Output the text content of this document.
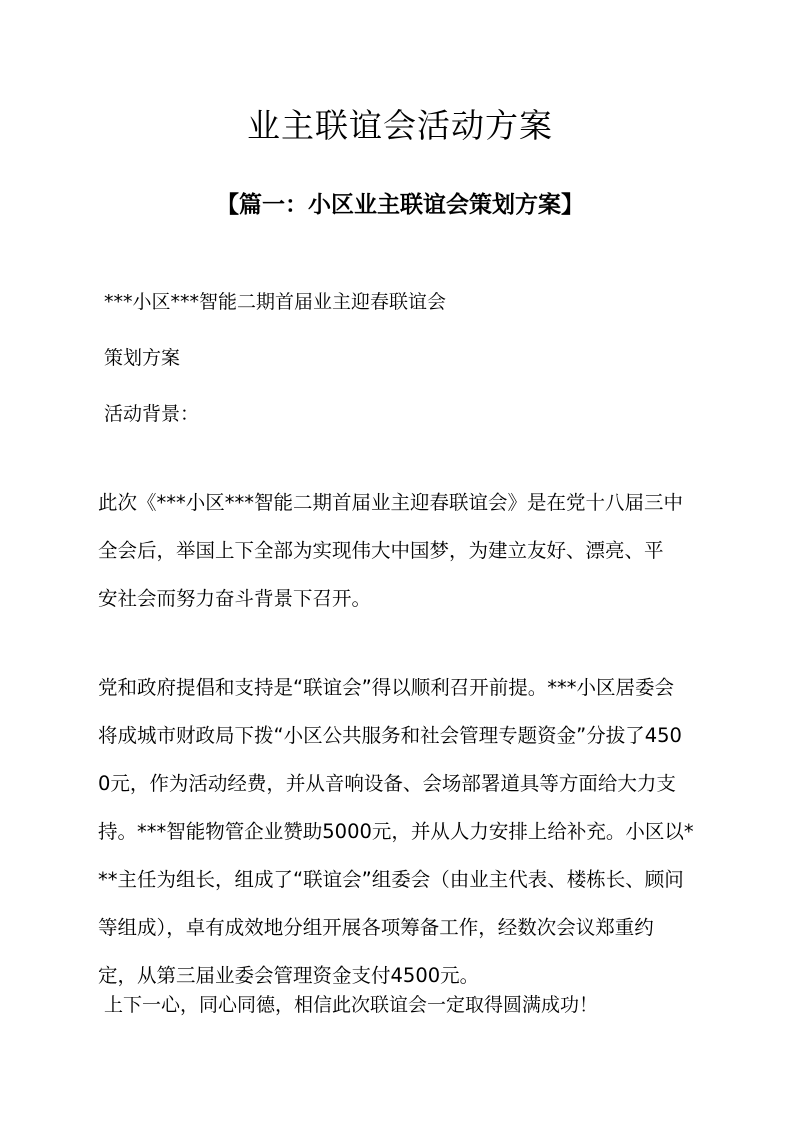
业主联谊会活动方案
【篇一：小区业主联谊会策划方案】

***小区***智能二期首届业主迎春联谊会

策划方案

活动背景：

此次《***小区***智能二期首届业主迎春联谊会》是在党十八届三中
全会后，举国上下全部为实现伟大中国梦，为建立友好、漂亮、平
安社会而努力奋斗背景下召开。
党和政府提倡和支持是“联谊会”得以顺利召开前提。***小区居委会
将成城市财政局下拨“小区公共服务和社会管理专题资金”分拔了450
0元，作为活动经费，并从音响设备、会场部署道具等方面给大力支
持。***智能物管企业赞助5000元，并从人力安排上给补充。小区以*
**主任为组长，组成了“联谊会”组委会（由业主代表、楼栋长、顾问
等组成），卓有成效地分组开展各项筹备工作，经数次会议郑重约
定，从第三届业委会管理资金支付4500元。

上下一心，同心同德，相信此次联谊会一定取得圆满成功！
